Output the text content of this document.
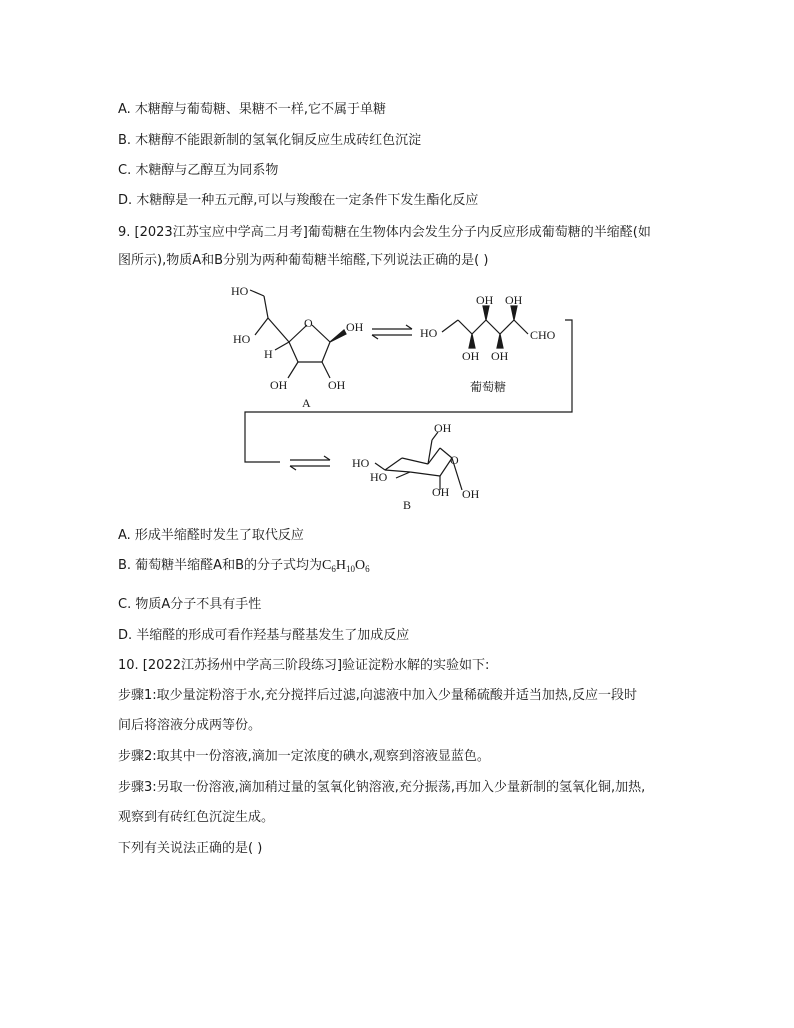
A. 木糖醇与葡萄糖、果糖不一样,它不属于单糖
B. 木糖醇不能跟新制的氢氧化铜反应生成砖红色沉淀
C. 木糖醇与乙醇互为同系物
D. 木糖醇是一种五元醇,可以与羧酸在一定条件下发生酯化反应
9. [2023江苏宝应中学高二月考]葡萄糖在生物体内会发生分子内反应形成葡萄糖的半缩醛(如
图所示),物质A和B分别为两种葡萄糖半缩醛,下列说法正确的是( )
HO
HO
H
O	OH
OH	OH
A
HO
OH OH
OH OH
CHO
葡萄糖
OH
O
HO
HO
OH OH
B
A. 形成半缩醛时发生了取代反应
B. 葡萄糖半缩醛A和B的分子式均为$C_6H_{10}O_6$
C. 物质A分子不具有手性
D. 半缩醛的形成可看作羟基与醛基发生了加成反应
10. [2022江苏扬州中学高三阶段练习]验证淀粉水解的实验如下:
步骤1:取少量淀粉溶于水,充分搅拌后过滤,向滤液中加入少量稀硫酸并适当加热,反应一段时
间后将溶液分成两等份。
步骤2:取其中一份溶液,滴加一定浓度的碘水,观察到溶液显蓝色。
步骤3:另取一份溶液,滴加稍过量的氢氧化钠溶液,充分振荡,再加入少量新制的氢氧化铜,加热,
观察到有砖红色沉淀生成。
下列有关说法正确的是( )
